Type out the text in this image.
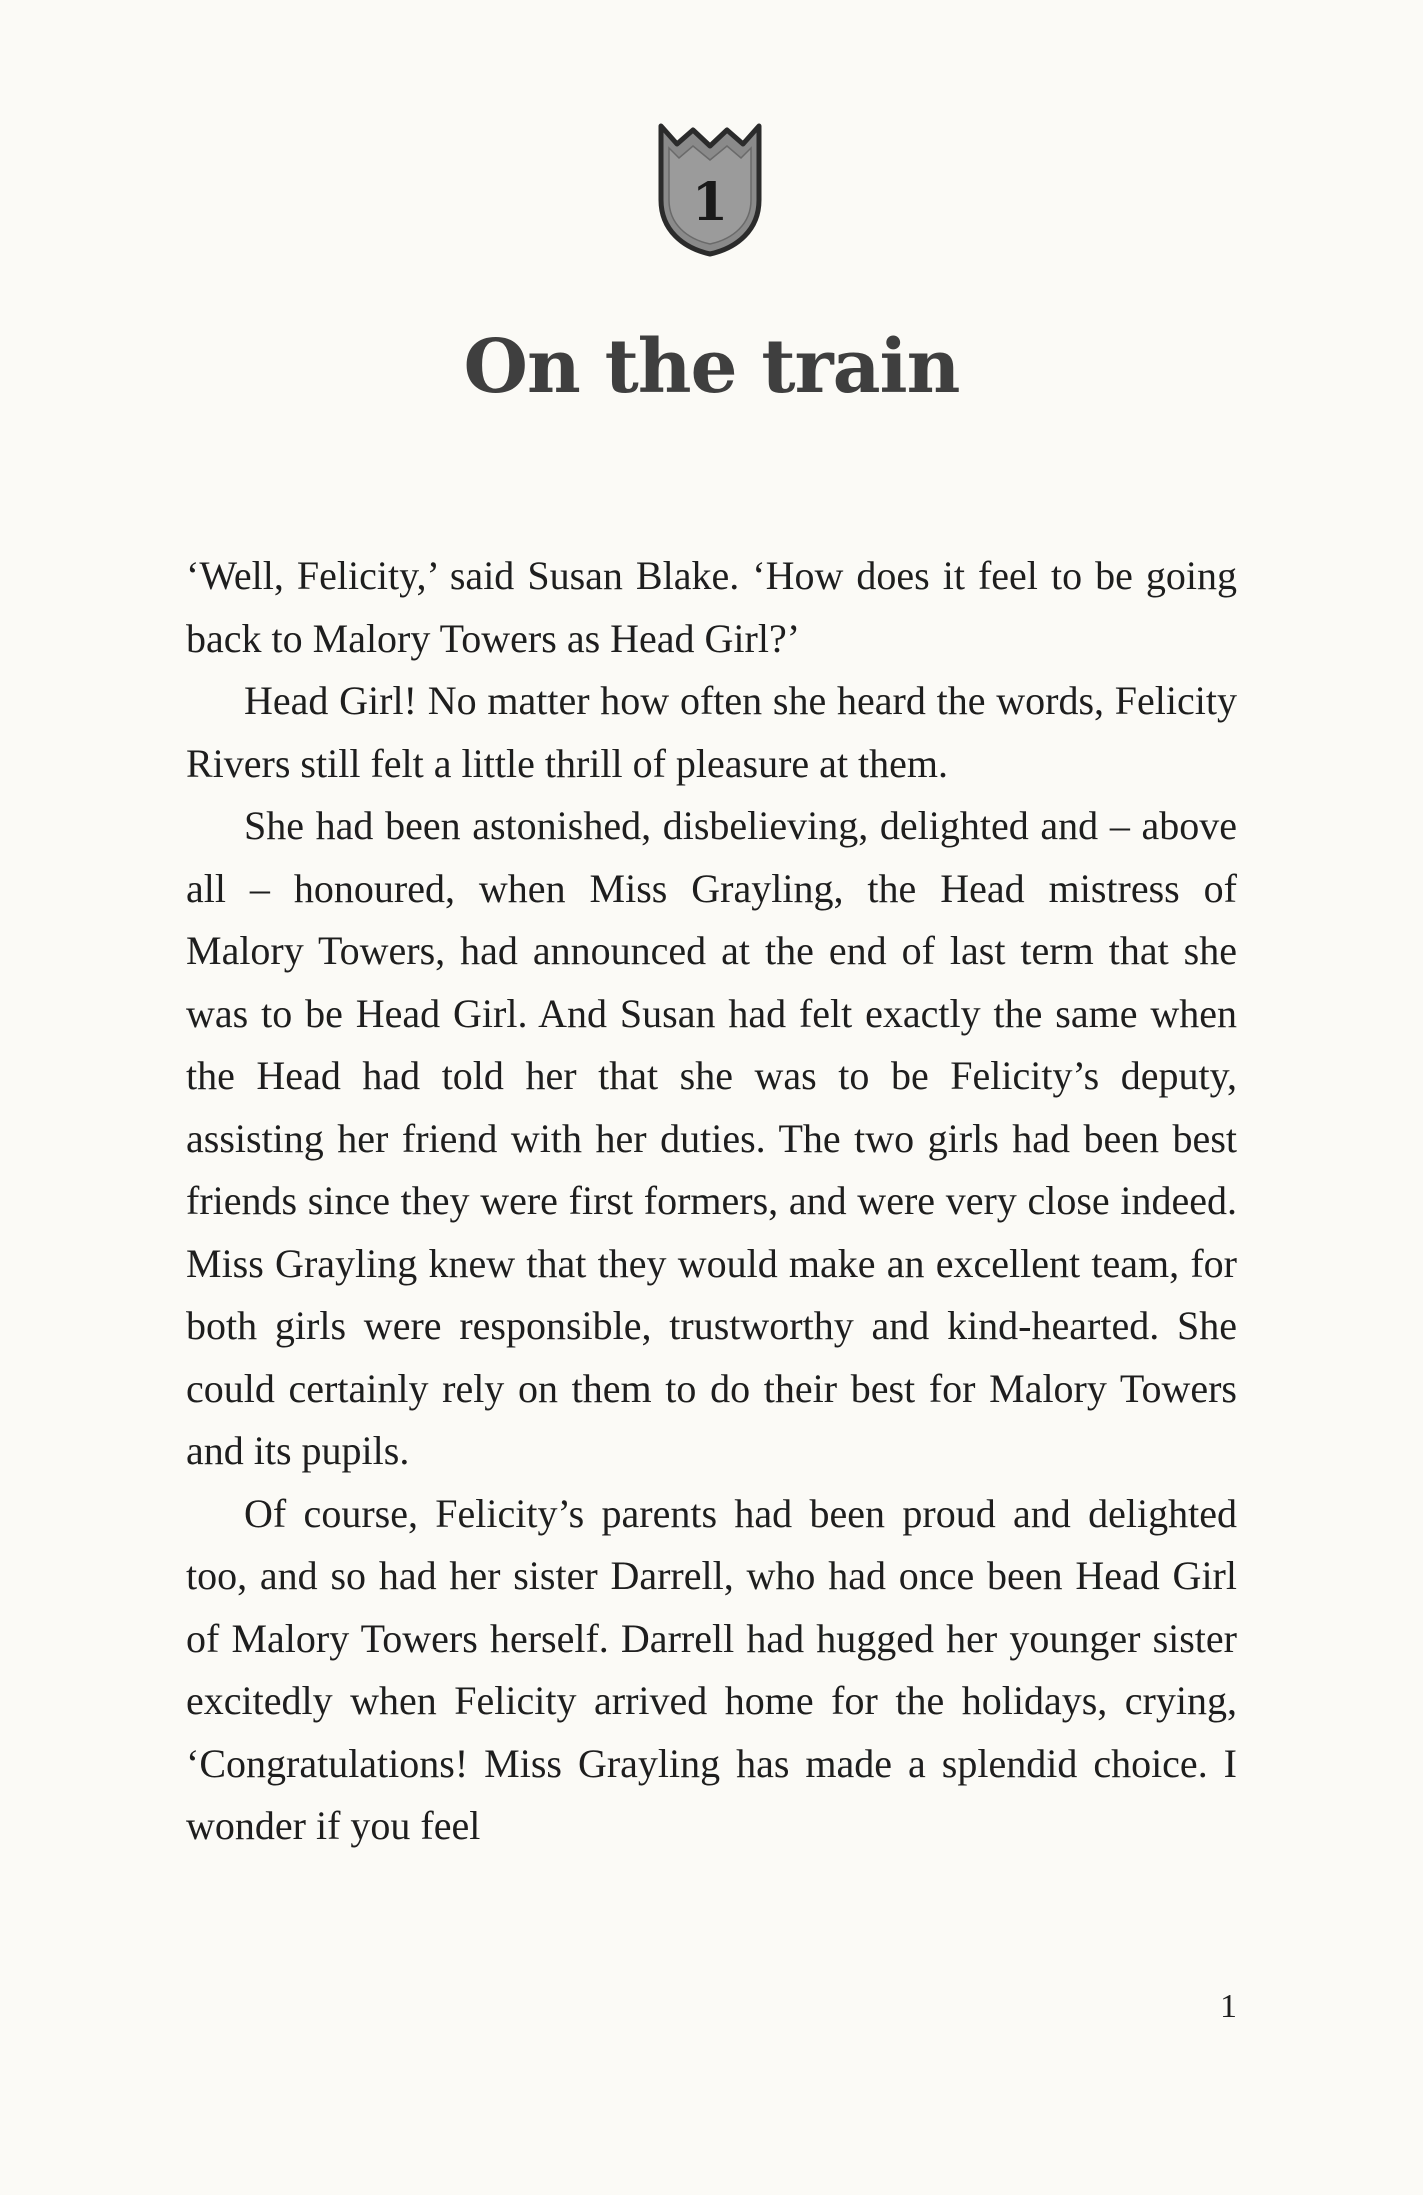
1
On the train

‘Well, Felicity,’ said Susan Blake. ‘How does it feel to be going back to Malory Towers as Head Girl?’

Head Girl! No matter how often she heard the words, Felicity Rivers still felt a little thrill of pleasure at them.

She had been astonished, disbelieving, delighted and – above all – honoured, when Miss Grayling, the Head mistress of Malory Towers, had announced at the end of last term that she was to be Head Girl. And Susan had felt exactly the same when the Head had told her that she was to be Felicity’s deputy, assisting her friend with her duties. The two girls had been best friends since they were first formers, and were very close indeed. Miss Grayling knew that they would make an excellent team, for both girls were responsible, trustworthy and kind-hearted. She could certainly rely on them to do their best for Malory Towers and its pupils.

Of course, Felicity’s parents had been proud and delighted too, and so had her sister Darrell, who had once been Head Girl of Malory Towers herself. Darrell had hugged her younger sister excitedly when Felicity arrived home for the holidays, crying, ‘Congratulations! Miss Grayling has made a splendid choice. I wonder if you feel

1
